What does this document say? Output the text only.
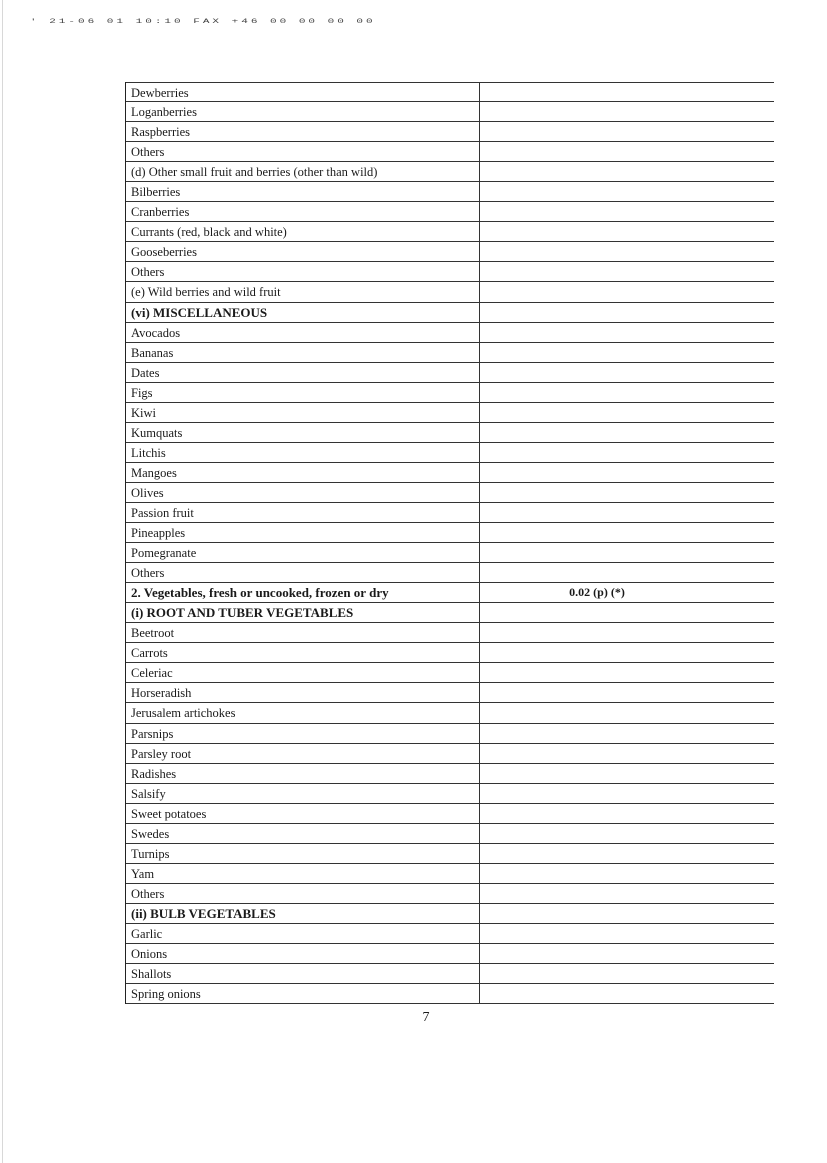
' 21-06 01 10:10 FAX +46 00 00 00 00
Dewberries
Loganberries
Raspberries
Others
(d) Other small fruit and berries (other than wild)
Bilberries
Cranberries
Currants (red, black and white)
Gooseberries
Others
(e) Wild berries and wild fruit
(vi) MISCELLANEOUS
Avocados
Bananas
Dates
Figs
Kiwi
Kumquats
Litchis
Mangoes
Olives
Passion fruit
Pineapples
Pomegranate
Others
2. Vegetables, fresh or uncooked, frozen or dry	0.02 (p) (*)
(i) ROOT AND TUBER VEGETABLES
Beetroot
Carrots
Celeriac
Horseradish
Jerusalem artichokes
Parsnips
Parsley root
Radishes
Salsify
Sweet potatoes
Swedes
Turnips
Yam
Others
(ii) BULB VEGETABLES
Garlic
Onions
Shallots
Spring onions
7
